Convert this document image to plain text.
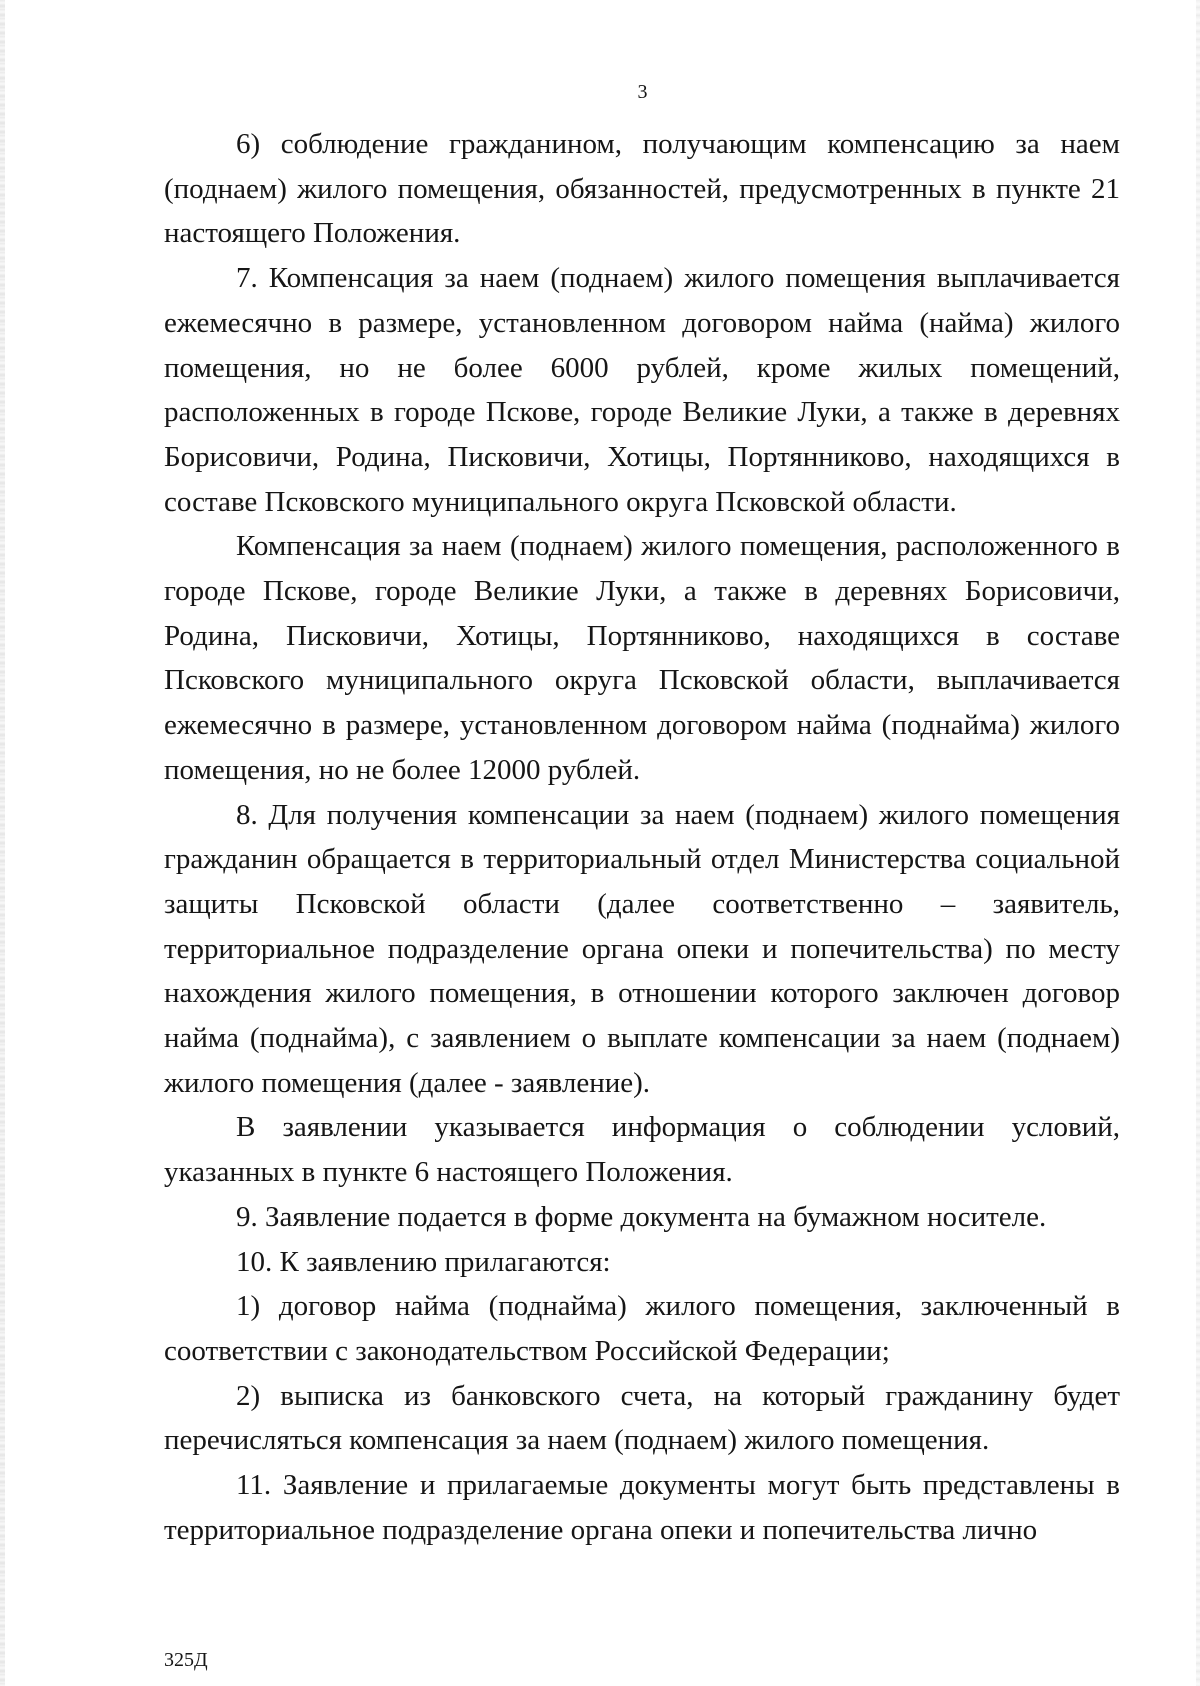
3

6) соблюдение гражданином, получающим компенсацию за наем (поднаем) жилого помещения, обязанностей, предусмотренных в пункте 21 настоящего Положения.

7. Компенсация за наем (поднаем) жилого помещения выплачивается ежемесячно в размере, установленном договором найма (найма) жилого помещения, но не более 6000 рублей, кроме жилых помещений, расположенных в городе Пскове, городе Великие Луки, а также в деревнях Борисовичи, Родина, Писковичи, Хотицы, Портянниково, находящихся в составе Псковского муниципального округа Псковской области.

Компенсация за наем (поднаем) жилого помещения, расположенного в городе Пскове, городе Великие Луки, а также в деревнях Борисовичи, Родина, Писковичи, Хотицы, Портянниково, находящихся в составе Псковского муниципального округа Псковской области, выплачивается ежемесячно в размере, установленном договором найма (поднайма) жилого помещения, но не более 12000 рублей.

8. Для получения компенсации за наем (поднаем) жилого помещения гражданин обращается в территориальный отдел Министерства социальной защиты Псковской области (далее соответственно – заявитель, территориальное подразделение органа опеки и попечительства) по месту нахождения жилого помещения, в отношении которого заключен договор найма (поднайма), с заявлением о выплате компенсации за наем (поднаем) жилого помещения (далее - заявление).

В заявлении указывается информация о соблюдении условий, указанных в пункте 6 настоящего Положения.

9. Заявление подается в форме документа на бумажном носителе.

10. К заявлению прилагаются:

1) договор найма (поднайма) жилого помещения, заключенный в соответствии с законодательством Российской Федерации;

2) выписка из банковского счета, на который гражданину будет перечисляться компенсация за наем (поднаем) жилого помещения.

11. Заявление и прилагаемые документы могут быть представлены в территориальное подразделение органа опеки и попечительства лично

325Д
